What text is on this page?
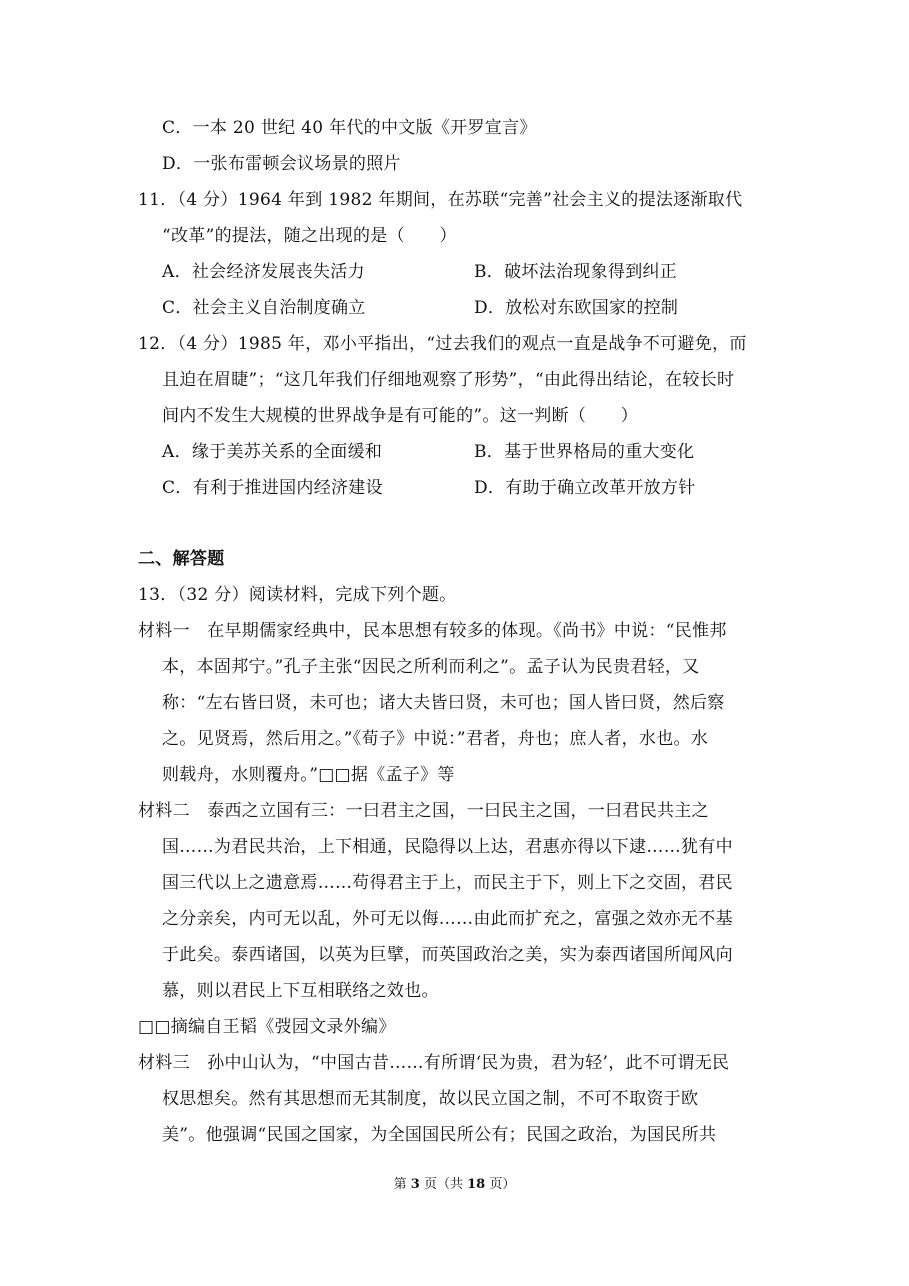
C．一本 20 世纪 40 年代的中文版《开罗宣言》
D．一张布雷顿会议场景的照片
11．（4 分）1964 年到 1982 年期间，在苏联“完善”社会主义的提法逐渐取代
“改革”的提法，随之出现的是（　　）
A．社会经济发展丧失活力	B．破坏法治现象得到纠正
C．社会主义自治制度确立	D．放松对东欧国家的控制
12．（4 分）1985 年，邓小平指出，“过去我们的观点一直是战争不可避免，而
且迫在眉睫”；“这几年我们仔细地观察了形势”，“由此得出结论，在较长时
间内不发生大规模的世界战争是有可能的”。这一判断（　　）
A．缘于美苏关系的全面缓和	B．基于世界格局的重大变化
C．有利于推进国内经济建设	D．有助于确立改革开放方针
二、解答题
13．（32 分）阅读材料，完成下列个题。
材料一　在早期儒家经典中，民本思想有较多的体现。《尚书》中说：“民惟邦
本，本固邦宁。”孔子主张“因民之所利而利之”。孟子认为民贵君轻，又
称：“左右皆曰贤，未可也；诸大夫皆曰贤，未可也；国人皆曰贤，然后察
之。见贤焉，然后用之。”《荀子》中说：”君者，舟也；庶人者，水也。水
则载舟，水则覆舟。”□□据《孟子》等
材料二　泰西之立国有三：一曰君主之国，一曰民主之国，一曰君民共主之
国……为君民共治，上下相通，民隐得以上达，君惠亦得以下逮……犹有中
国三代以上之遗意焉……苟得君主于上，而民主于下，则上下之交固，君民
之分亲矣，内可无以乱，外可无以侮……由此而扩充之，富强之效亦无不基
于此矣。泰西诸国，以英为巨擘，而英国政治之美，实为泰西诸国所闻风向
慕，则以君民上下互相联络之效也。
□□摘编自王韬《弢园文录外编》
材料三　孙中山认为，“中国古昔……有所谓‘民为贵，君为轻’，此不可谓无民
权思想矣。然有其思想而无其制度，故以民立国之制，不可不取资于欧
美”。他强调“民国之国家，为全国国民所公有；民国之政治，为国民所共
第 3 页（共 18 页）
